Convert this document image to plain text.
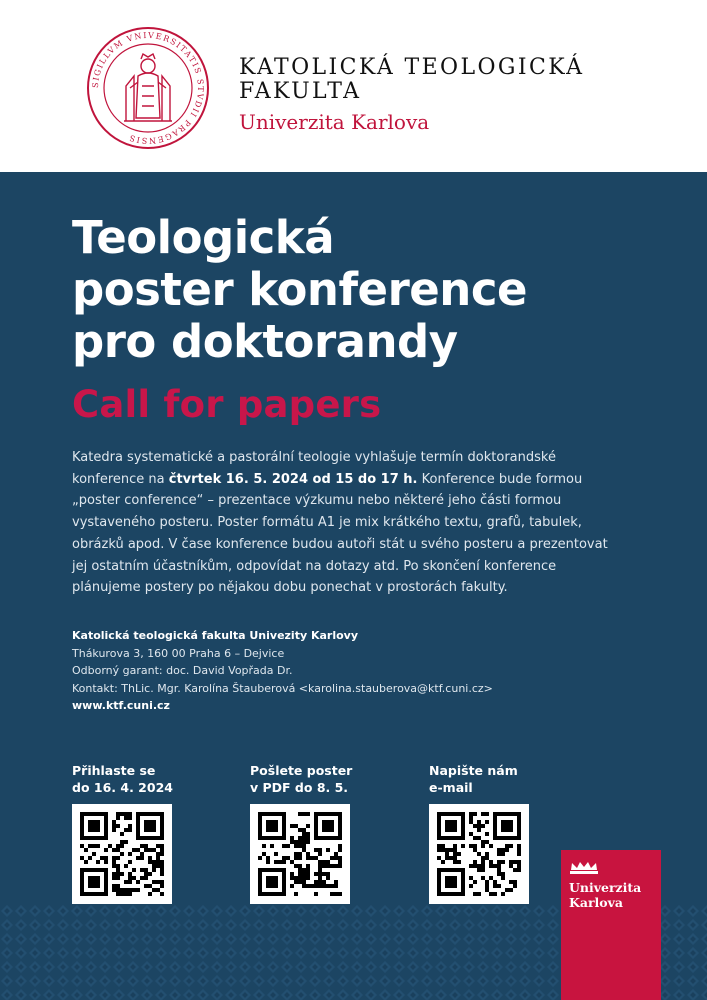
SIGILLVM VNIVERSITATIS STVDII PRAGENSIS
KATOLICKÁ TEOLOGICKÁ
FAKULTA
Univerzita Karlova
Teologická
poster konference
pro doktorandy
Call for papers

Katedra systematické a pastorální teologie vyhlašuje termín doktorandské konference na čtvrtek 16. 5. 2024 od 15 do 17 h. Konference bude formou „poster conference“ – prezentace výzkumu nebo některé jeho části formou vystaveného posteru. Poster formátu A1 je mix krátkého textu, grafů, tabulek, obrázků apod. V čase konference budou autoři stát u svého posteru a prezentovat jej ostatním účastníkům, odpovídat na dotazy atd. Po skončení konference plánujeme postery po nějakou dobu ponechat v prostorách fakulty.

Katolická teologická fakulta Univezity Karlovy
Thákurova 3, 160 00 Praha 6 – Dejvice
Odborný garant: doc. David Vopřada Dr.
Kontakt: ThLic. Mgr. Karolína Štauberová <karolina.stauberova@ktf.cuni.cz>
www.ktf.cuni.cz
Přihlaste se
do 16. 4. 2024
Pošlete poster
v PDF do 8. 5.
Napište nám
e-mail
Univerzita
Karlova
